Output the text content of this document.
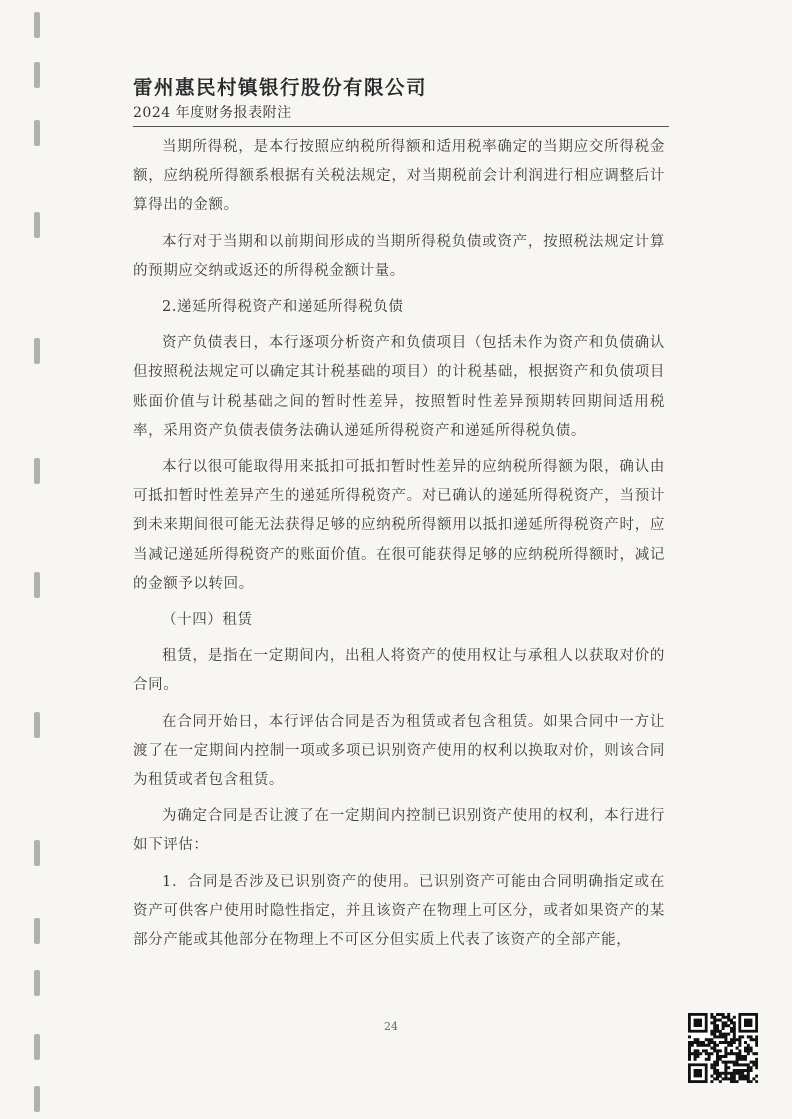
雷州惠民村镇银行股份有限公司
2024 年度财务报表附注

当期所得税，是本行按照应纳税所得额和适用税率确定的当期应交所得税金额，应纳税所得额系根据有关税法规定，对当期税前会计利润进行相应调整后计算得出的金额。

本行对于当期和以前期间形成的当期所得税负债或资产，按照税法规定计算的预期应交纳或返还的所得税金额计量。

2.递延所得税资产和递延所得税负债

资产负债表日，本行逐项分析资产和负债项目（包括未作为资产和负债确认但按照税法规定可以确定其计税基础的项目）的计税基础，根据资产和负债项目账面价值与计税基础之间的暂时性差异，按照暂时性差异预期转回期间适用税率，采用资产负债表债务法确认递延所得税资产和递延所得税负债。

本行以很可能取得用来抵扣可抵扣暂时性差异的应纳税所得额为限，确认由可抵扣暂时性差异产生的递延所得税资产。对已确认的递延所得税资产，当预计到未来期间很可能无法获得足够的应纳税所得额用以抵扣递延所得税资产时，应当减记递延所得税资产的账面价值。在很可能获得足够的应纳税所得额时，减记的金额予以转回。

（十四）租赁

租赁，是指在一定期间内，出租人将资产的使用权让与承租人以获取对价的合同。

在合同开始日，本行评估合同是否为租赁或者包含租赁。如果合同中一方让渡了在一定期间内控制一项或多项已识别资产使用的权利以换取对价，则该合同为租赁或者包含租赁。

为确定合同是否让渡了在一定期间内控制已识别资产使用的权利，本行进行如下评估：

1．合同是否涉及已识别资产的使用。已识别资产可能由合同明确指定或在资产可供客户使用时隐性指定，并且该资产在物理上可区分，或者如果资产的某部分产能或其他部分在物理上不可区分但实质上代表了该资产的全部产能，

24
